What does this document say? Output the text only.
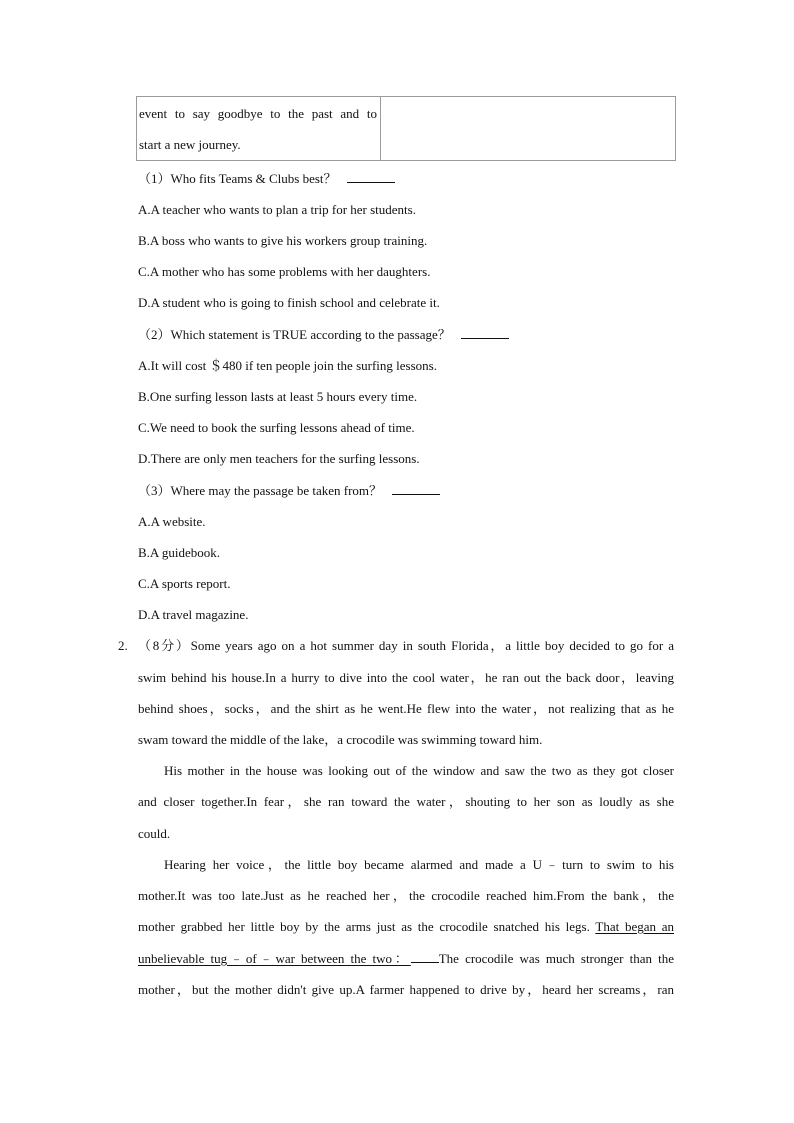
event to say goodbye to the past and to
start a new journey.
（1）Who fits Teams & Clubs best？
A.A teacher who wants to plan a trip for her students.
B.A boss who wants to give his workers group training.
C.A mother who has some problems with her daughters.
D.A student who is going to finish school and celebrate it.
（2）Which statement is TRUE according to the passage？
A.It will cost ＄480 if ten people join the surfing lessons.
B.One surfing lesson lasts at least 5 hours every time.
C.We need to book the surfing lessons ahead of time.
D.There are only men teachers for the surfing lessons.
（3）Where may the passage be taken from？
A.A website.
B.A guidebook.
C.A sports report.
D.A travel magazine.
2. （8分）Some years ago on a hot summer day in south Florida，a little boy decided to go for a
swim behind his house.In a hurry to dive into the cool water，he ran out the back door，leaving
behind shoes，socks，and the shirt as he went.He flew into the water，not realizing that as he
swam toward the middle of the lake，a crocodile was swimming toward him.
His mother in the house was looking out of the window and saw the two as they got closer
and closer together.In fear，she ran toward the water，shouting to her son as loudly as she
could.
Hearing her voice，the little boy became alarmed and made a U﹣turn to swim to his
mother.It was too late.Just as he reached her，the crocodile reached him.From the bank，the
mother grabbed her little boy by the arms just as the crocodile snatched his legs. That began an
unbelievable tug﹣of﹣war between the two： The crocodile was much stronger than the
mother，but the mother didn't give up.A farmer happened to drive by，heard her screams，ran
